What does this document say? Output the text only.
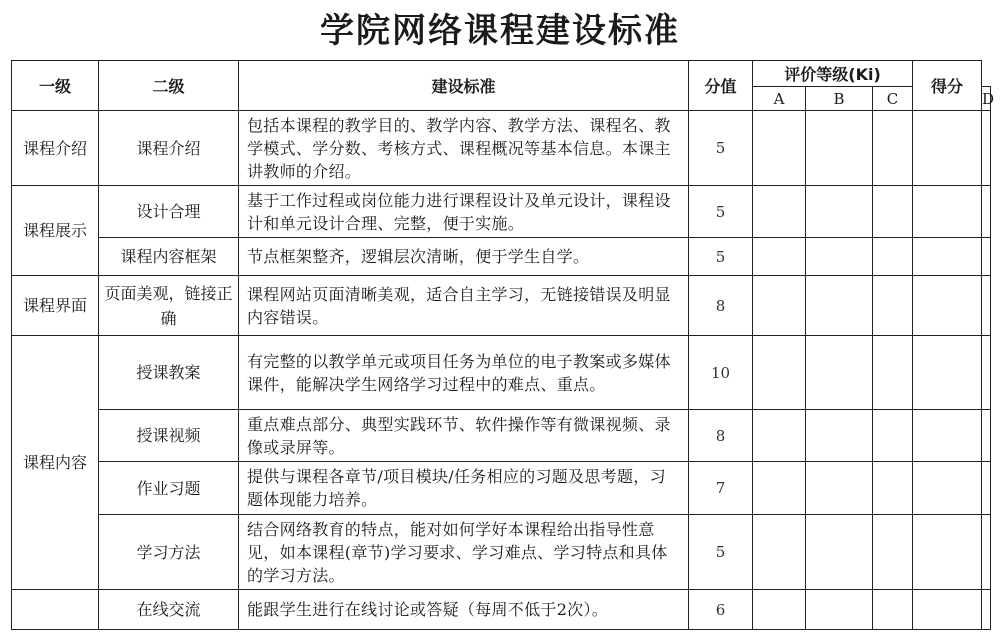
学院网络课程建设标准
一级	二级	建设标准	分值	评价等级(Ki)			得分	
				A	B	C		D
课程介绍	课程介绍	包括本课程的教学目的、教学内容、教学方法、课程名、教学模式、学分数、考核方式、课程概况等基本信息。本课主讲教师的介绍。	5					
课程展示	设计合理	基于工作过程或岗位能力进行课程设计及单元设计，课程设计和单元设计合理、完整，便于实施。	5					
	课程内容框架	节点框架整齐，逻辑层次清晰，便于学生自学。	5					
课程界面	页面美观，链接正确	课程网站页面清晰美观，适合自主学习，无链接错误及明显内容错误。	8					
课程内容	授课教案	有完整的以教学单元或项目任务为单位的电子教案或多媒体课件，能解决学生网络学习过程中的难点、重点。	10					
	授课视频	重点难点部分、典型实践环节、软件操作等有微课视频、录像或录屏等。	8					
	作业习题	提供与课程各章节/项目模块/任务相应的习题及思考题，习题体现能力培养。	7					
	学习方法	结合网络教育的特点，能对如何学好本课程给出指导性意见，如本课程(章节)学习要求、学习难点、学习特点和具体的学习方法。	5					
	在线交流	能跟学生进行在线讨论或答疑（每周不低于2次）。	6					
